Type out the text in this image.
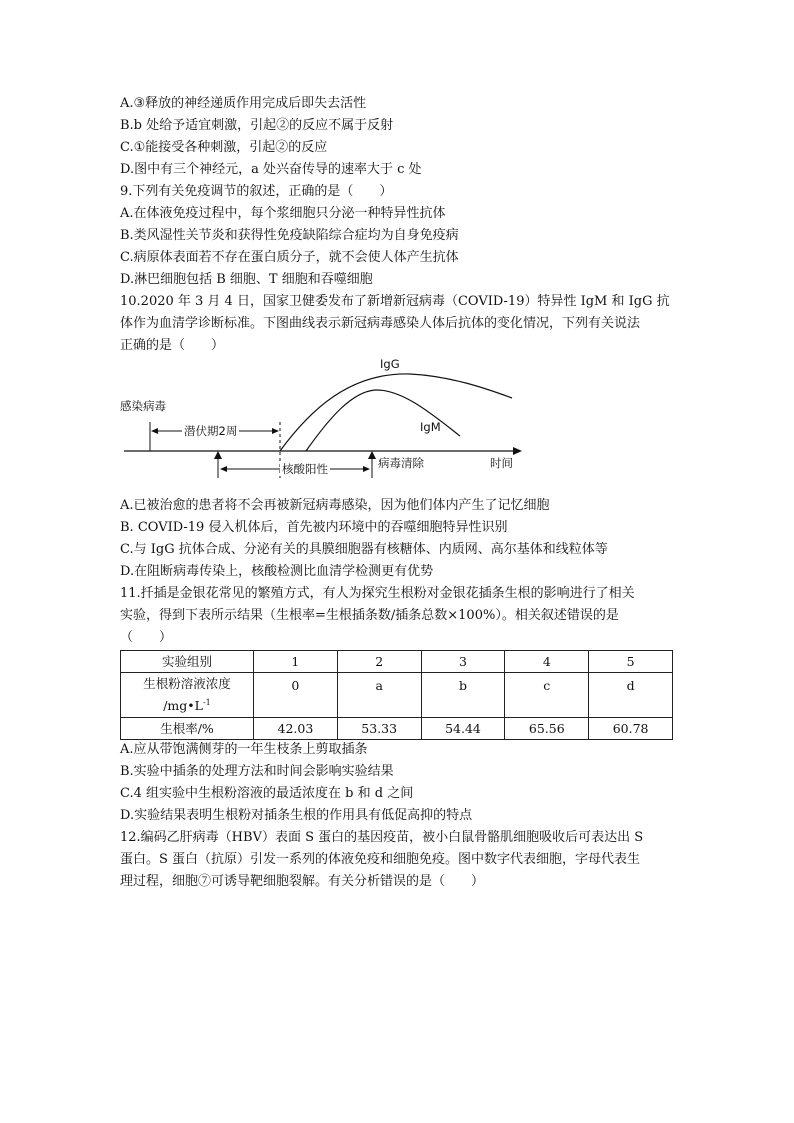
A.③释放的神经递质作用完成后即失去活性
B.b 处给予适宜刺激，引起②的反应不属于反射
C.①能接受各种刺激，引起②的反应
D.图中有三个神经元，a 处兴奋传导的速率大于 c 处
9.下列有关免疫调节的叙述，正确的是（　　）
A.在体液免疫过程中，每个浆细胞只分泌一种特异性抗体
B.类风湿性关节炎和获得性免疫缺陷综合症均为自身免疫病
C.病原体表面若不存在蛋白质分子，就不会使人体产生抗体
D.淋巴细胞包括 B 细胞、T 细胞和吞噬细胞
10.2020 年 3 月 4 日，国家卫健委发布了新增新冠病毒（COVID-19）特异性 IgM 和 IgG 抗
体作为血清学诊断标准。下图曲线表示新冠病毒感染人体后抗体的变化情况，下列有关说法
正确的是（　　）
感染病毒
潜伏期2周
IgG
IgM
时间
核酸阳性	病毒清除
A.已被治愈的患者将不会再被新冠病毒感染，因为他们体内产生了记忆细胞
B. COVID-19 侵入机体后，首先被内环境中的吞噬细胞特异性识别
C.与 IgG 抗体合成、分泌有关的具膜细胞器有核糖体、内质网、高尔基体和线粒体等
D.在阻断病毒传染上，核酸检测比血清学检测更有优势
11.扦插是金银花常见的繁殖方式，有人为探究生根粉对金银花插条生根的影响进行了相关
实验，得到下表所示结果（生根率=生根插条数/插条总数×100%）。相关叙述错误的是
（　　）
实验组别	1	2	3	4	5

生根粉溶液浓度
$/mg•L^{-1}$	0	a	b	c	d
生根率/%	42.03	53.33	54.44	65.56	60.78
A.应从带饱满侧芽的一年生枝条上剪取插条
B.实验中插条的处理方法和时间会影响实验结果
C.4 组实验中生根粉溶液的最适浓度在 b 和 d 之间
D.实验结果表明生根粉对插条生根的作用具有低促高抑的特点
12.编码乙肝病毒（HBV）表面 S 蛋白的基因疫苗，被小白鼠骨骼肌细胞吸收后可表达出 S
蛋白。S 蛋白（抗原）引发一系列的体液免疫和细胞免疫。图中数字代表细胞，字母代表生
理过程，细胞⑦可诱导靶细胞裂解。有关分析错误的是（　　）
